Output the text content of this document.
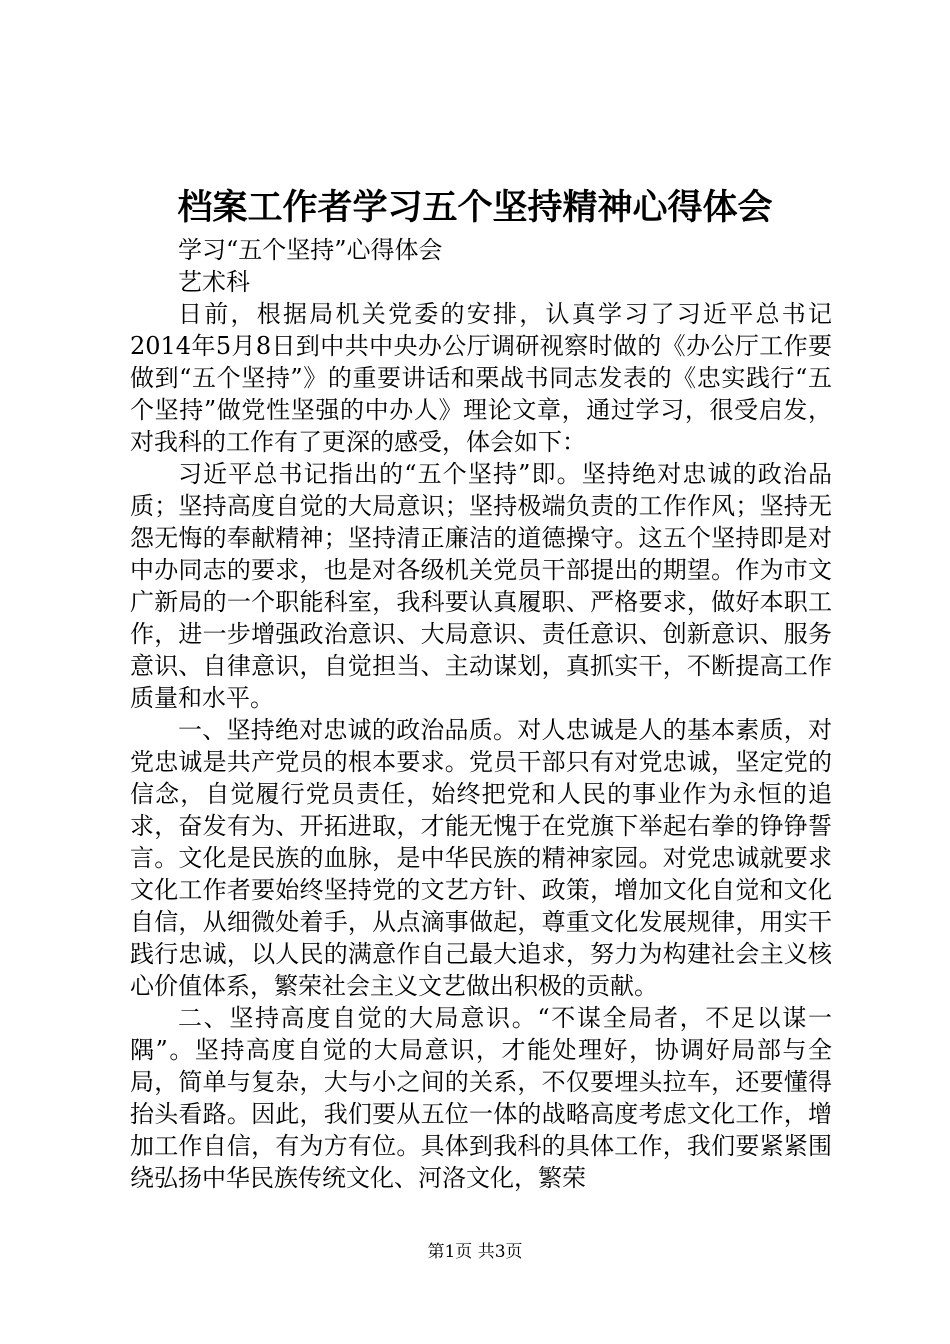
档案工作者学习五个坚持精神心得体会

学习“五个坚持”心得体会

艺术科

日前，根据局机关党委的安排，认真学习了习近平总书记2014年5月8日到中共中央办公厅调研视察时做的《办公厅工作要做到“五个坚持”》的重要讲话和栗战书同志发表的《忠实践行“五个坚持”做党性坚强的中办人》理论文章，通过学习，很受启发，对我科的工作有了更深的感受，体会如下：

习近平总书记指出的“五个坚持”即。坚持绝对忠诚的政治品质；坚持高度自觉的大局意识；坚持极端负责的工作作风；坚持无怨无悔的奉献精神；坚持清正廉洁的道德操守。这五个坚持即是对中办同志的要求，也是对各级机关党员干部提出的期望。作为市文广新局的一个职能科室，我科要认真履职、严格要求，做好本职工作，进一步增强政治意识、大局意识、责任意识、创新意识、服务意识、自律意识，自觉担当、主动谋划，真抓实干，不断提高工作质量和水平。

一、坚持绝对忠诚的政治品质。对人忠诚是人的基本素质，对党忠诚是共产党员的根本要求。党员干部只有对党忠诚，坚定党的信念，自觉履行党员责任，始终把党和人民的事业作为永恒的追求，奋发有为、开拓进取，才能无愧于在党旗下举起右拳的铮铮誓言。文化是民族的血脉，是中华民族的精神家园。对党忠诚就要求文化工作者要始终坚持党的文艺方针、政策，增加文化自觉和文化自信，从细微处着手，从点滴事做起，尊重文化发展规律，用实干践行忠诚，以人民的满意作自己最大追求，努力为构建社会主义核心价值体系，繁荣社会主义文艺做出积极的贡献。

二、坚持高度自觉的大局意识。“不谋全局者，不足以谋一隅”。坚持高度自觉的大局意识，才能处理好，协调好局部与全局，简单与复杂，大与小之间的关系，不仅要埋头拉车，还要懂得抬头看路。因此，我们要从五位一体的战略高度考虑文化工作，增加工作自信，有为方有位。具体到我科的具体工作，我们要紧紧围绕弘扬中华民族传统文化、河洛文化，繁荣

第1页 共3页
